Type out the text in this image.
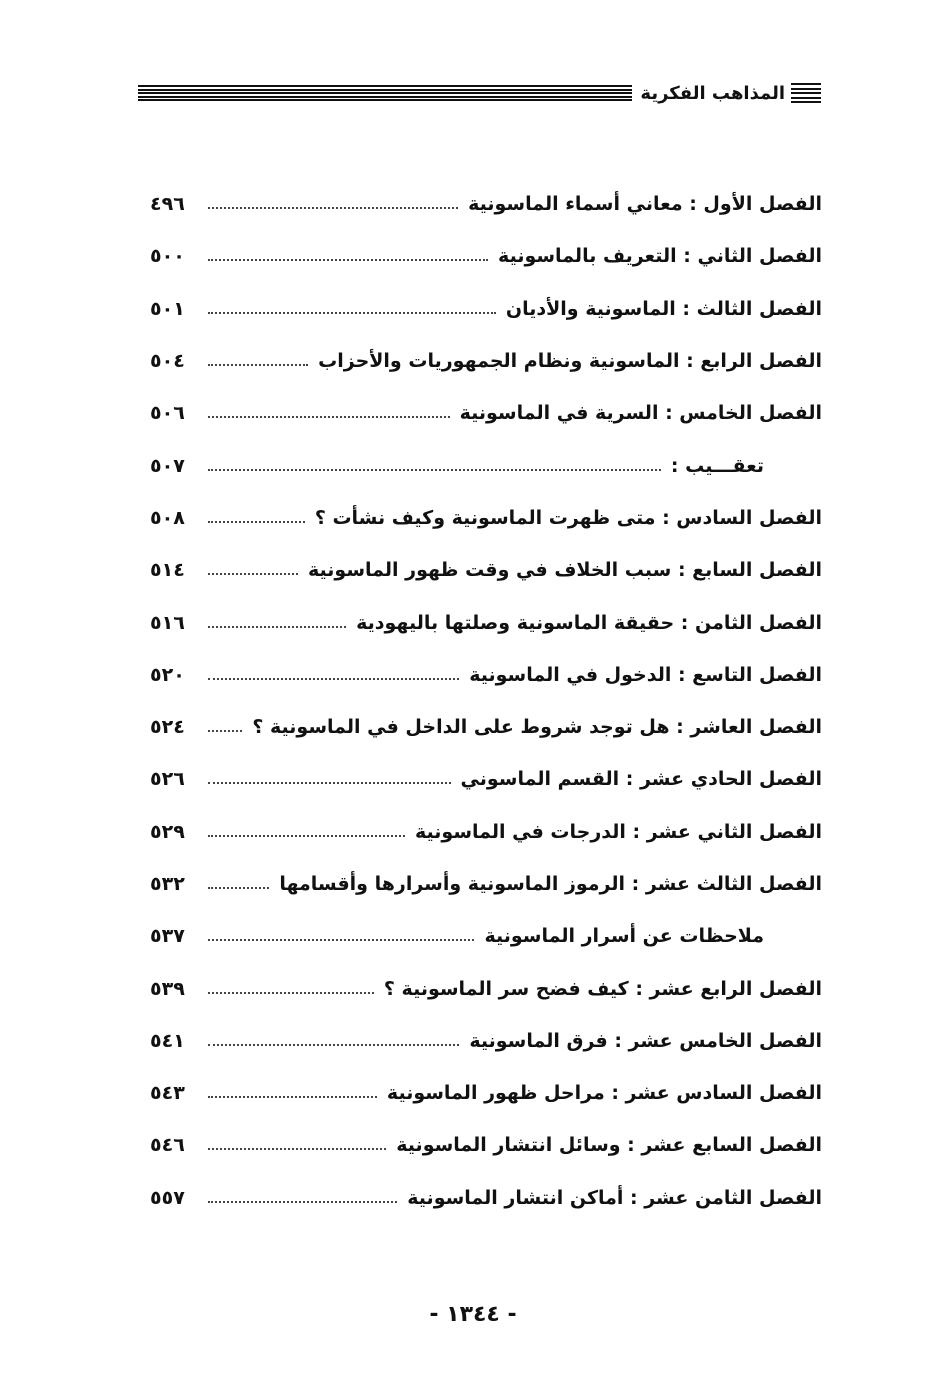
المذاهب الفكرية
الفصل الأول : معاني أسماء الماسونية
٤٩٦
الفصل الثاني : التعريف بالماسونية
٥٠٠
الفصل الثالث : الماسونية والأديان
٥٠١
الفصل الرابع : الماسونية ونظام الجمهوريات والأحزاب
٥٠٤
الفصل الخامس : السرية في الماسونية
٥٠٦
تعقـــيب :
٥٠٧
الفصل السادس : متى ظهرت الماسونية وكيف نشأت ؟
٥٠٨
الفصل السابع : سبب الخلاف في وقت ظهور الماسونية
٥١٤
الفصل الثامن : حقيقة الماسونية وصلتها باليهودية
٥١٦
الفصل التاسع : الدخول في الماسونية
٥٢٠
الفصل العاشر : هل توجد شروط على الداخل في الماسونية ؟
٥٢٤
الفصل الحادي عشر : القسم الماسوني
٥٢٦
الفصل الثاني عشر : الدرجات في الماسونية
٥٢٩
الفصل الثالث عشر : الرموز الماسونية وأسرارها وأقسامها
٥٣٢
ملاحظات عن أسرار الماسونية
٥٣٧
الفصل الرابع عشر : كيف فضح سر الماسونية ؟
٥٣٩
الفصل الخامس عشر : فرق الماسونية
٥٤١
الفصل السادس عشر : مراحل ظهور الماسونية
٥٤٣
الفصل السابع عشر : وسائل انتشار الماسونية
٥٤٦
الفصل الثامن عشر : أماكن انتشار الماسونية
٥٥٧
- ١٣٤٤ -
